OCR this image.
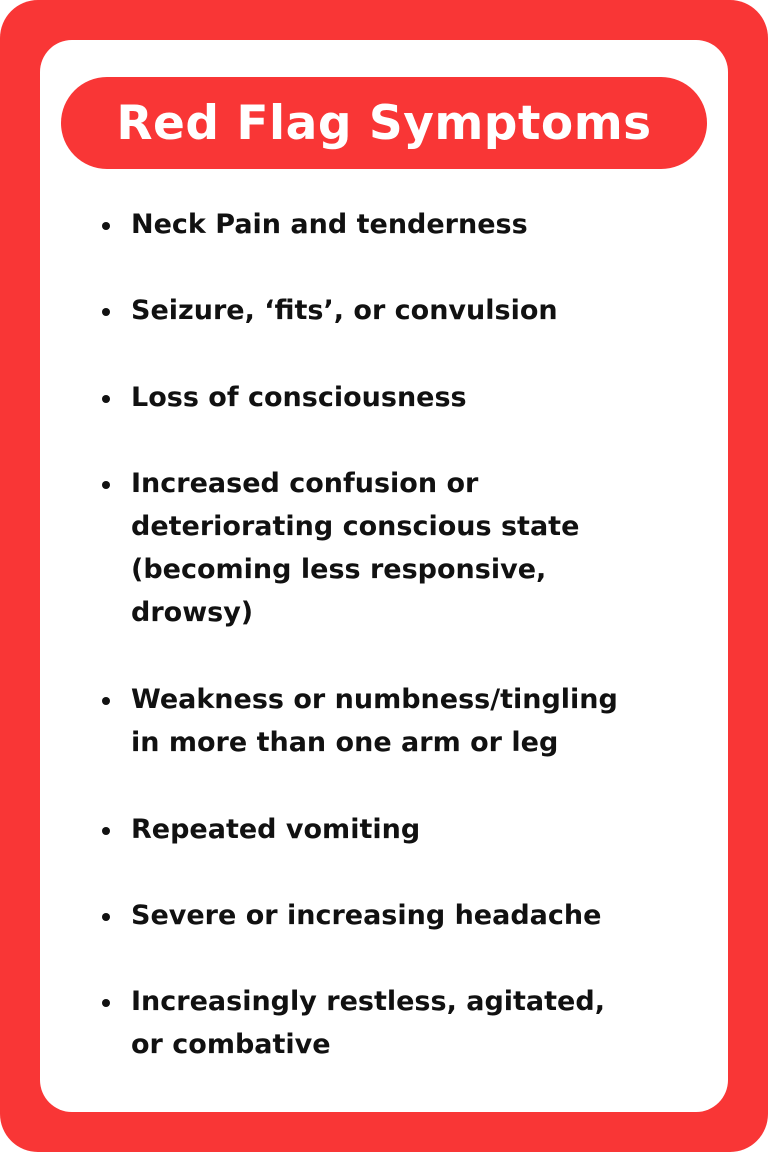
Red Flag Symptoms
Neck Pain and tenderness
Seizure, ‘fits’, or convulsion
Loss of consciousness
Increased confusion or
deteriorating conscious state
(becoming less responsive,
drowsy)
Weakness or numbness/tingling
in more than one arm or leg
Repeated vomiting
Severe or increasing headache
Increasingly restless, agitated,
or combative
